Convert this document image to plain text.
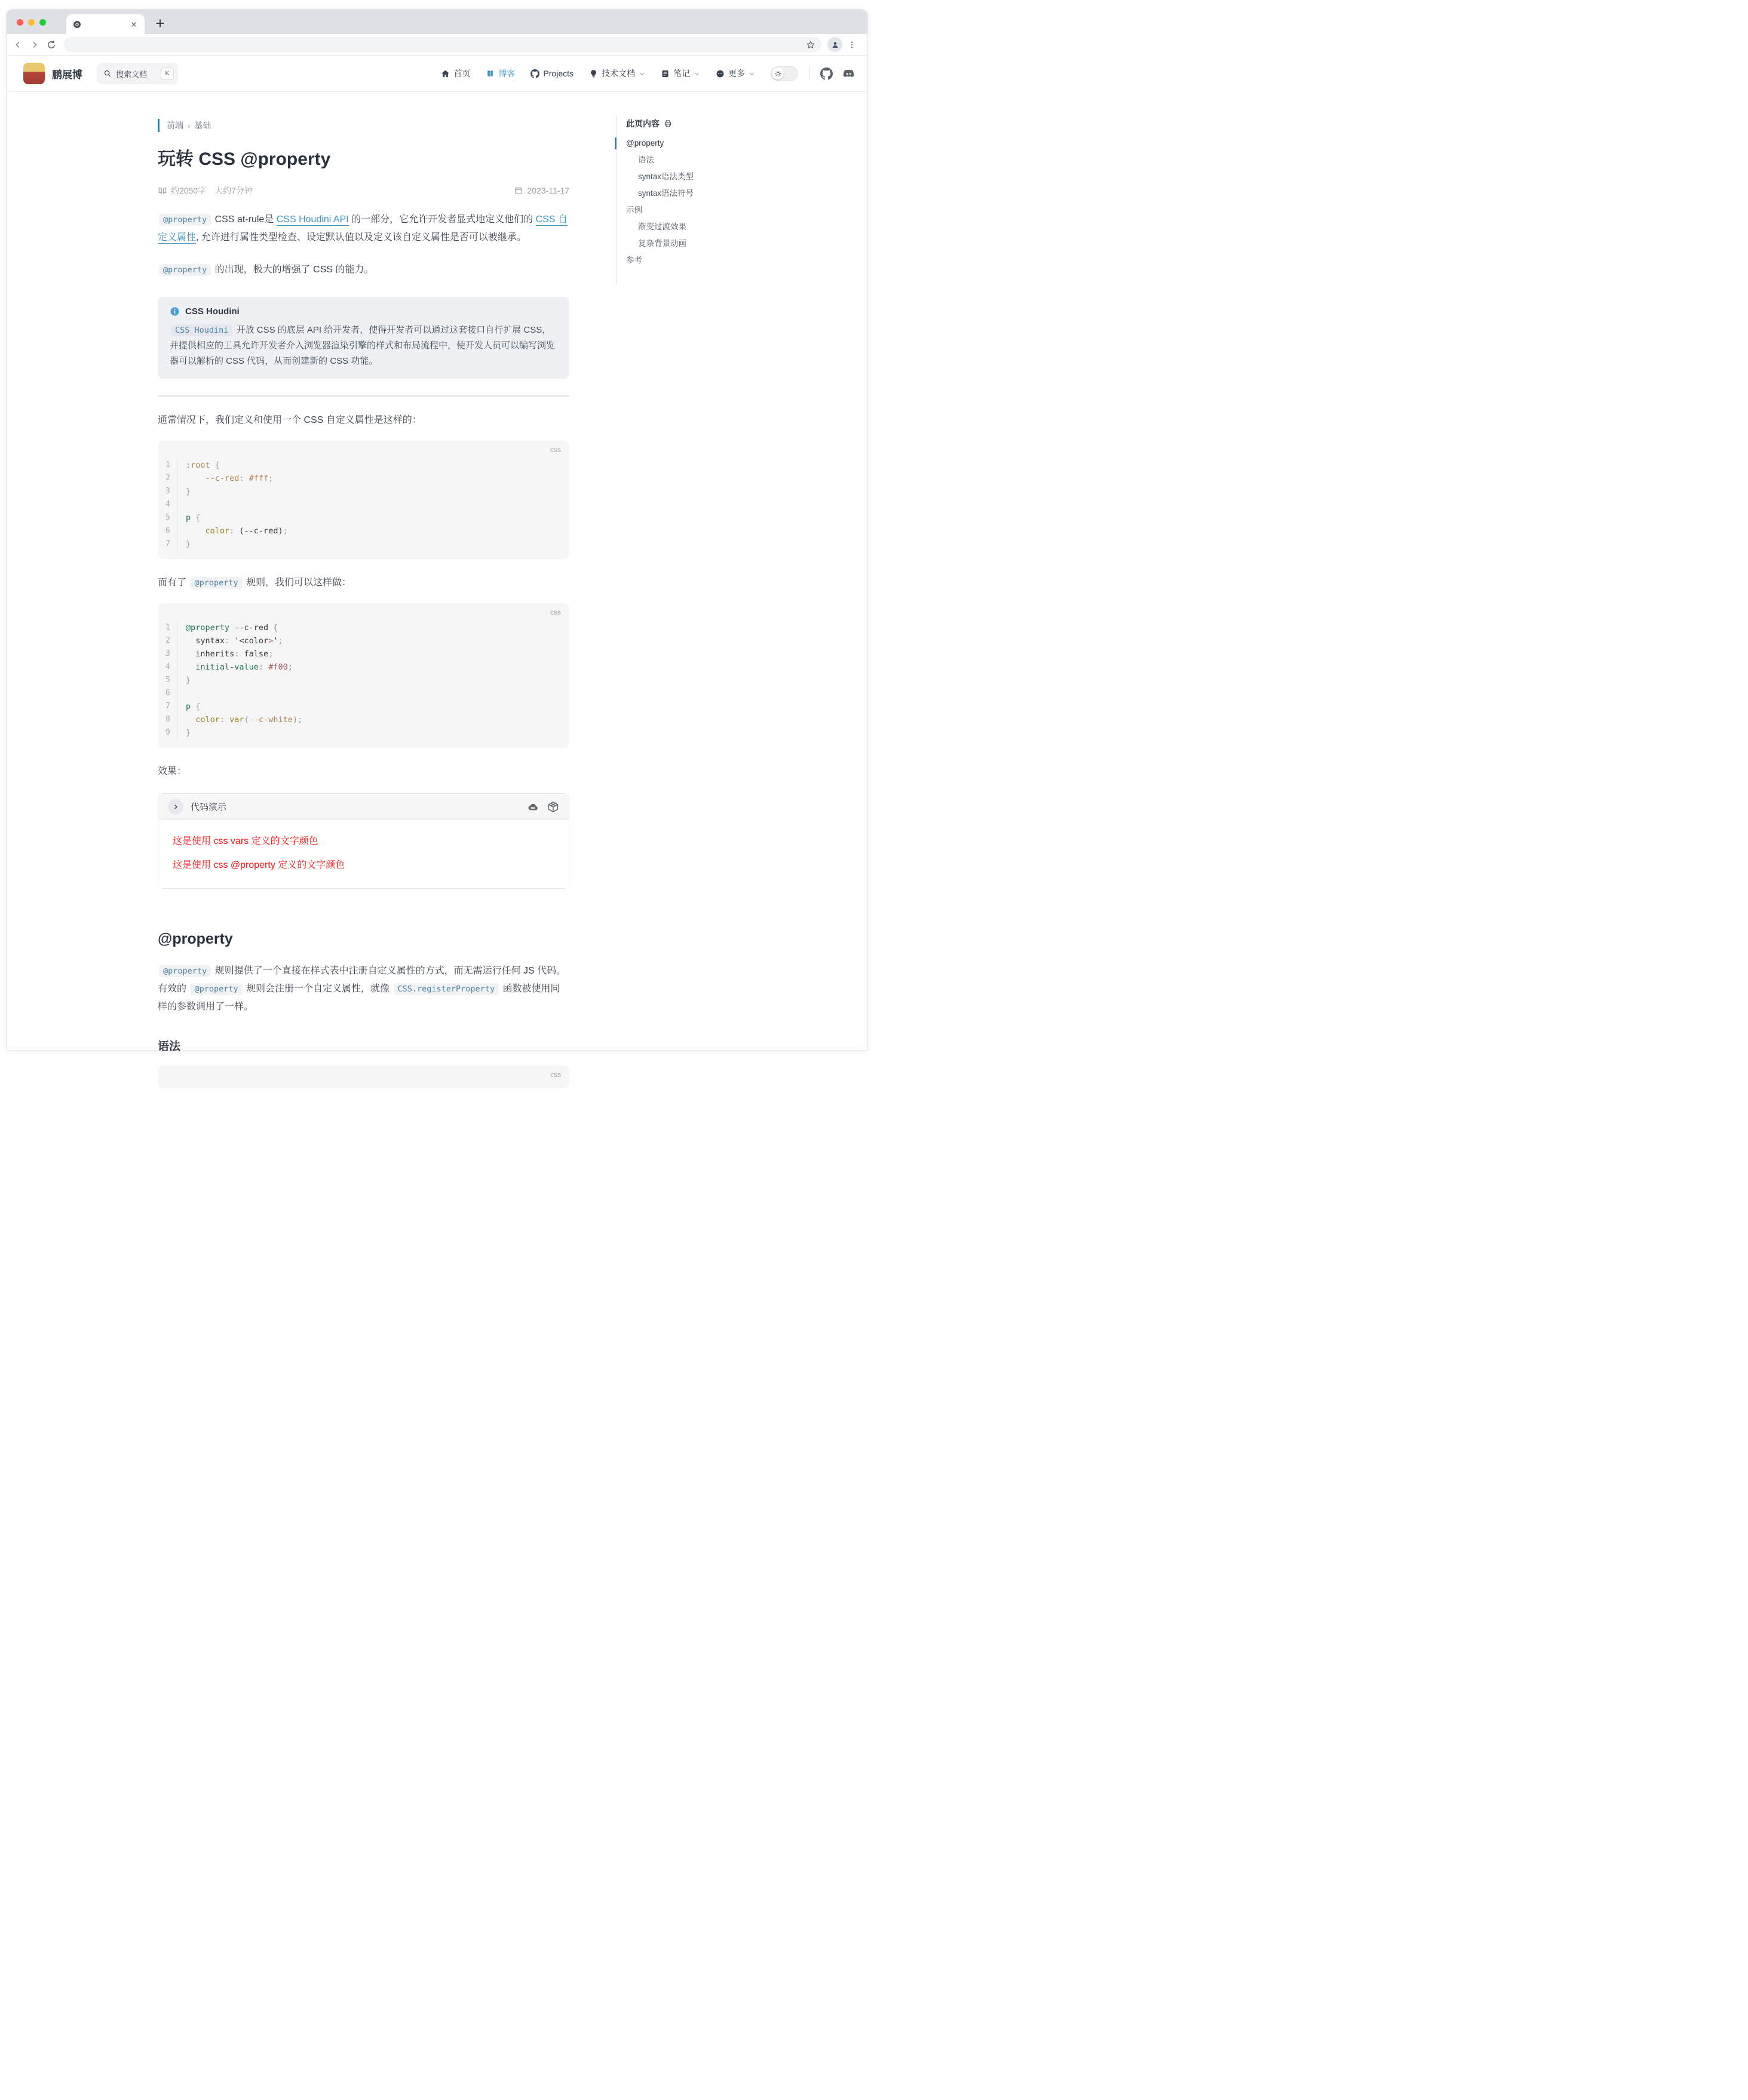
鹏展博	搜索文档	K	首页	博客	Projects	技术文档	笔记	更多
前端 › 基础
玩转 CSS @property
约2050字 大约7分钟	2023-11-17

@property CSS at-rule是 CSS Houdini API 的一部分，它允许开发者显式地定义他们的 CSS 自定义属性, 允许进行属性类型检查、设定默认值以及定义该自定义属性是否可以被继承。

@property 的出现，极大的增强了 CSS 的能力。

CSS Houdini
CSS Houdini 开放 CSS 的底层 API 给开发者，使得开发者可以通过这套接口自行扩展 CSS，并提供相应的工具允许开发者介入浏览器渲染引擎的样式和布局流程中，使开发人员可以编写浏览器可以解析的 CSS 代码，从而创建新的 CSS 功能。

通常情况下，我们定义和使用一个 CSS 自定义属性是这样的：

css
1	:root {
2	--c-red: #fff;
3	}
4
5	p {
6	color: (--c-red);
7	}

而有了 @property 规则，我们可以这样做：

css
1	@property --c-red {
2	syntax: '<color>';
3	inherits: false;
4	initial-value: #f00;
5	}
6
7	p {
8	color: var(--c-white);
9	}

效果：

代码演示

这是使用 css vars 定义的文字颜色

这是使用 css @property 定义的文字颜色

@property

@property 规则提供了一个直接在样式表中注册自定义属性的方式，而无需运行任何 JS 代码。有效的 @property 规则会注册一个自定义属性，就像 CSS.registerProperty 函数被使用同样的参数调用了一样。

语法
css
此页内容
@property
语法
syntax语法类型
syntax语法符号
示例
渐变过渡效果
复杂背景动画
参考
